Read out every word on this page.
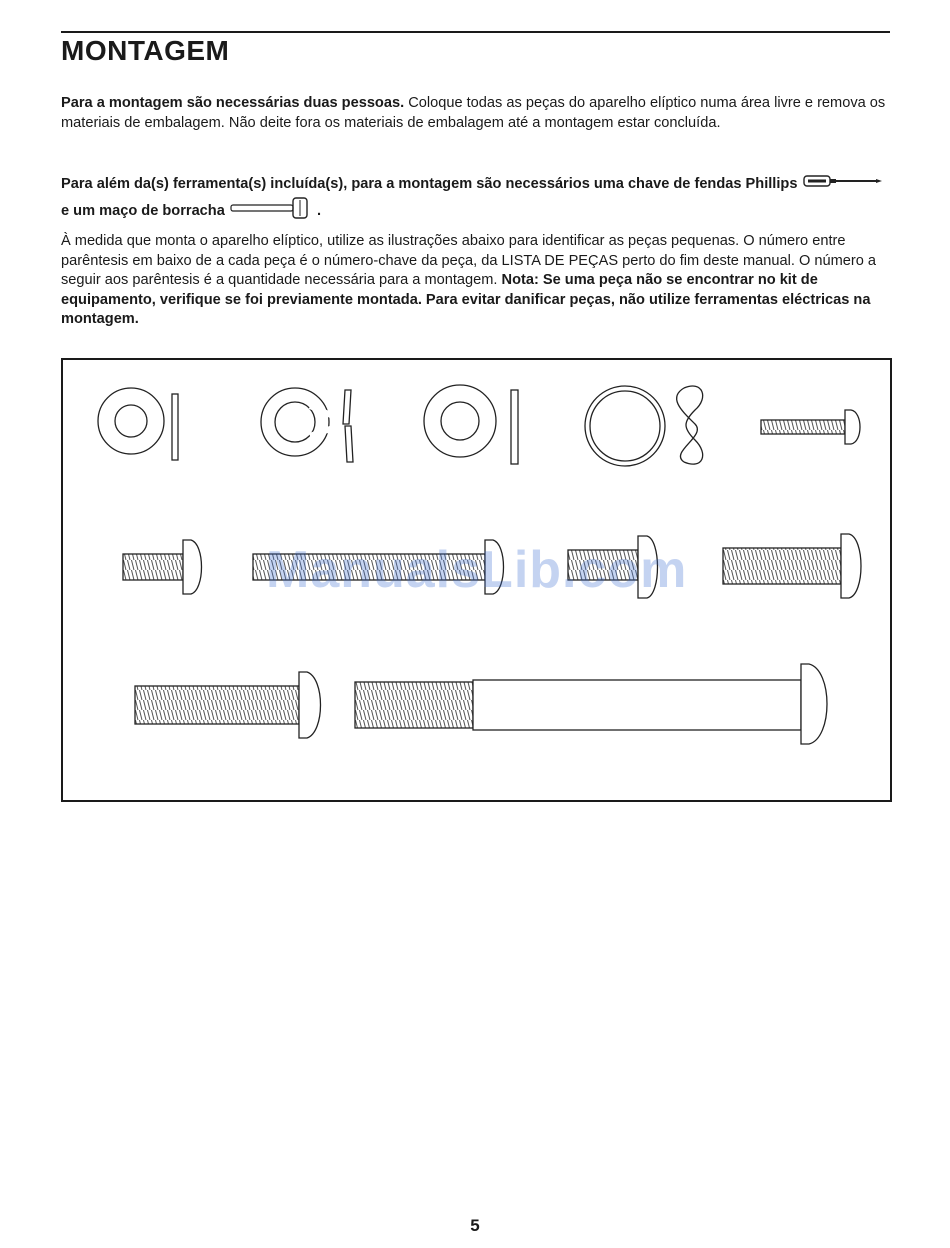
MONTAGEM

Para a montagem são necessárias duas pessoas. Coloque todas as peças do aparelho elíptico numa área livre e remova os materiais de embalagem. Não deite fora os materiais de embalagem até a montagem estar concluída.

Para além da(s) ferramenta(s) incluída(s), para a montagem são necessários uma chave de fendas Phillips  e um maço de borracha	.

À medida que monta o aparelho elíptico, utilize as ilustrações abaixo para identificar as peças pequenas. O número entre parêntesis em baixo de a cada peça é o número-chave da peça, da LISTA DE PEÇAS perto do fim deste manual. O número a seguir aos parêntesis é a quantidade necessária para a montagem. Nota: Se uma peça não se encontrar no kit de equipamento, verifique se foi previamente montada. Para evitar danificar peças, não utilize ferramentas eléctricas na montagem.

ManualsLib.com
5
